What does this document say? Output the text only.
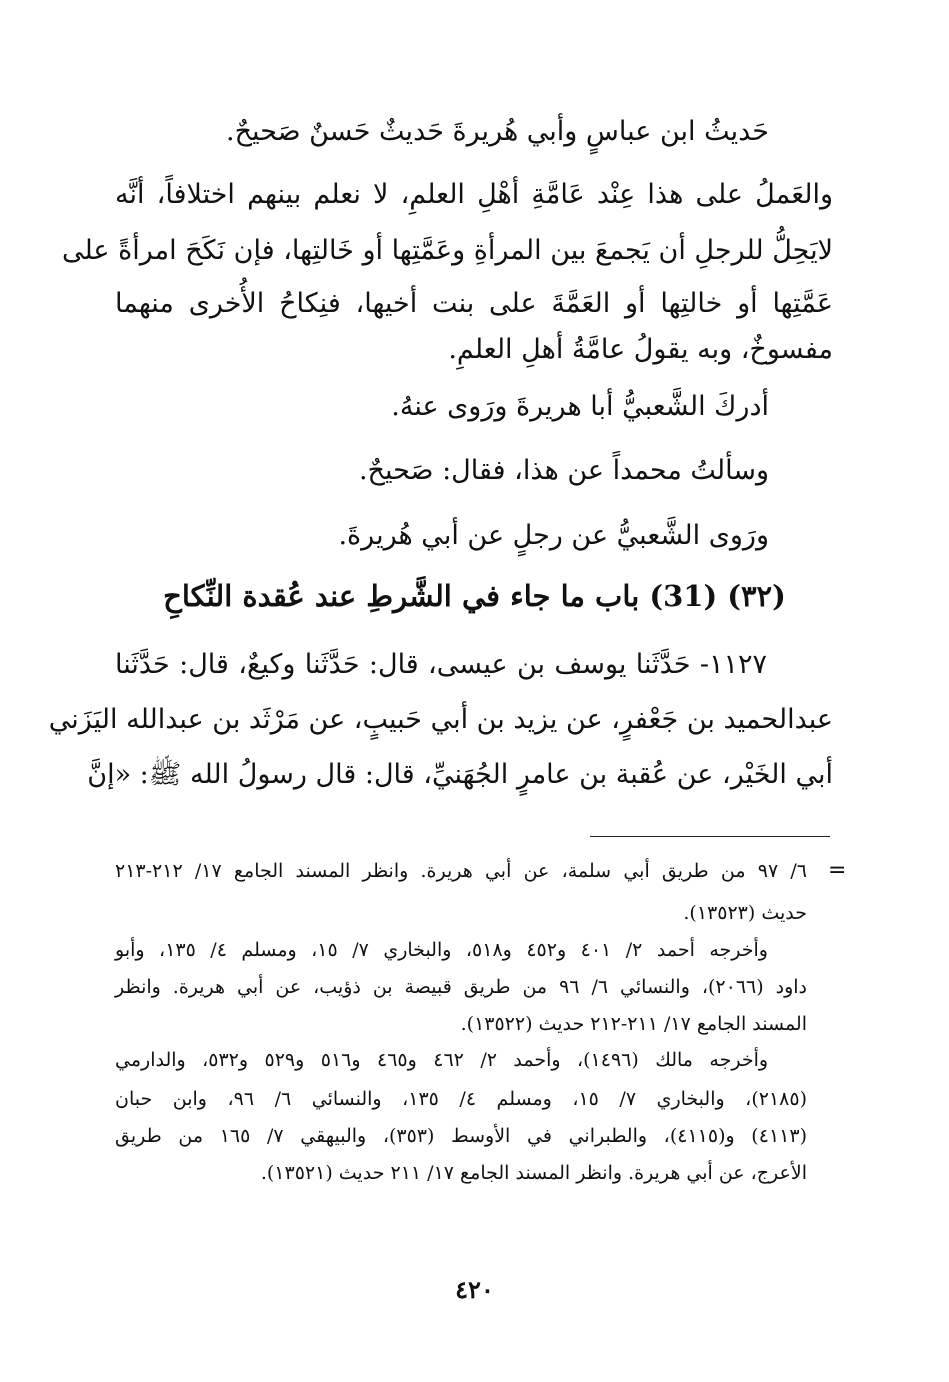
حَديثُ ابن عباسٍ وأبي هُريرةَ حَديثٌ حَسنٌ صَحيحٌ.
والعَملُ على هذا عِنْد عَامَّةِ أهْلِ العلمِ، لا نعلم بينهم اختلافاً، أنَّه
لايَحِلُّ للرجلِ أن يَجمعَ بين المرأةِ وعَمَّتِها أو خَالتِها، فإن نَكَحَ امرأةً على
عَمَّتِها أو خالتِها أو العَمَّةَ على بنت أخيها، فنِكاحُ الأُخرى منهما
مفسوخٌ، وبه يقولُ عامَّةُ أهلِ العلمِ.
أدركَ الشَّعبيُّ أبا هريرةَ ورَوى عنهُ.
وسألتُ محمداً عن هذا، فقال: صَحيحٌ.
ورَوى الشَّعبيُّ عن رجلٍ عن أبي هُريرةَ.
(٣٢) (31) باب ما جاء في الشَّرطِ عند عُقدة النِّكاحِ
١١٢٧- حَدَّثَنا يوسف بن عيسى، قال: حَدَّثَنا وكيعٌ، قال: حَدَّثَنا
عبدالحميد بن جَعْفرٍ، عن يزيد بن أبي حَبيبٍ، عن مَرْثَد بن عبدالله اليَزَني
أبي الخَيْر، عن عُقبة بن عامرٍ الجُهَنيِّ، قال: قال رسولُ الله ﷺ: «إنَّ
=
٦/ ٩٧ من طريق أبي سلمة، عن أبي هريرة. وانظر المسند الجامع ١٧/ ٢١٢-٢١٣
حديث (١٣٥٢٣).
وأخرجه أحمد ٢/ ٤٠١ و٤٥٢ و٥١٨، والبخاري ٧/ ١٥، ومسلم ٤/ ١٣٥، وأبو
داود (٢٠٦٦)، والنسائي ٦/ ٩٦ من طريق قبيصة بن ذؤيب، عن أبي هريرة. وانظر
المسند الجامع ١٧/ ٢١١-٢١٢ حديث (١٣٥٢٢).
وأخرجه مالك (١٤٩٦)، وأحمد ٢/ ٤٦٢ و٤٦٥ و٥١٦ و٥٢٩ و٥٣٢، والدارمي
(٢١٨٥)، والبخاري ٧/ ١٥، ومسلم ٤/ ١٣٥، والنسائي ٦/ ٩٦، وابن حبان
(٤١١٣) و(٤١١٥)، والطبراني في الأوسط (٣٥٣)، والبيهقي ٧/ ١٦٥ من طريق
الأعرج، عن أبي هريرة. وانظر المسند الجامع ١٧/ ٢١١ حديث (١٣٥٢١).
٤٢٠
